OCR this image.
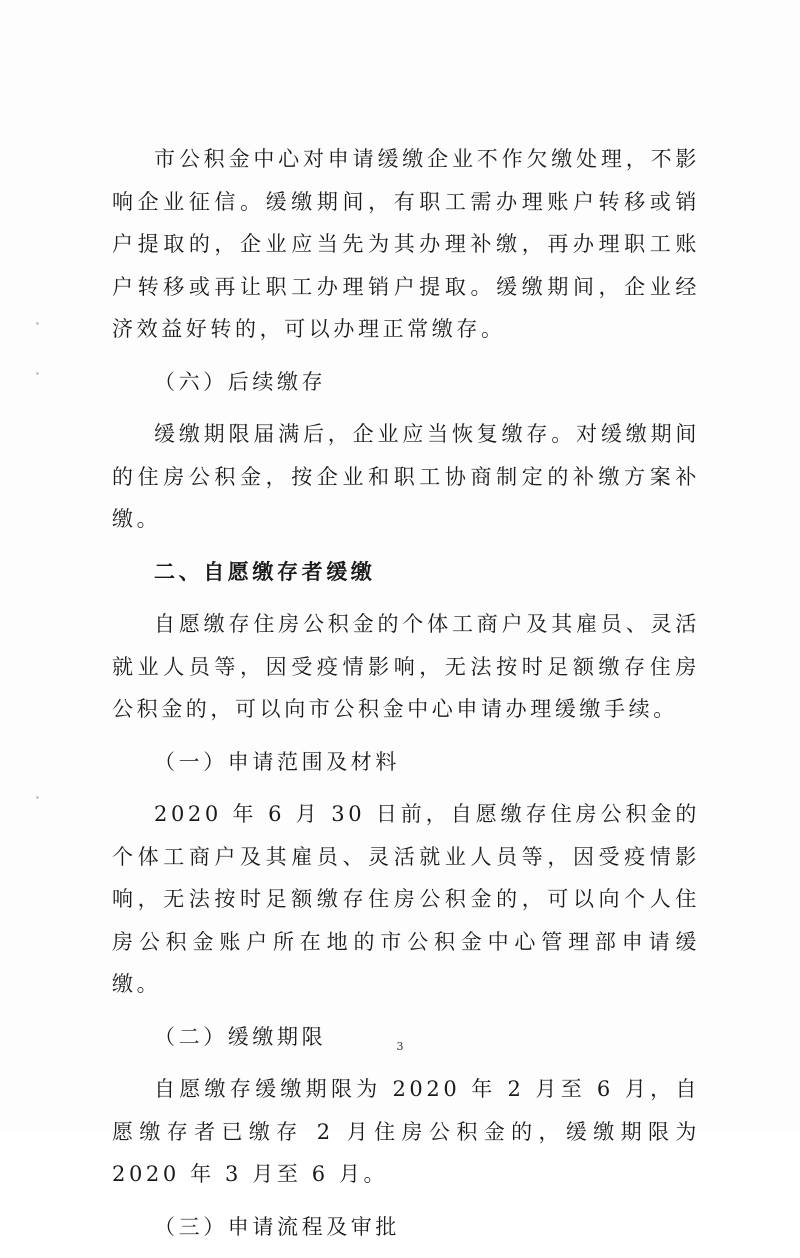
市公积金中心对申请缓缴企业不作欠缴处理，不影响企业征信。缓缴期间，有职工需办理账户转移或销户提取的，企业应当先为其办理补缴，再办理职工账户转移或再让职工办理销户提取。缓缴期间，企业经济效益好转的，可以办理正常缴存。

（六）后续缴存

缓缴期限届满后，企业应当恢复缴存。对缓缴期间的住房公积金，按企业和职工协商制定的补缴方案补缴。

二、自愿缴存者缓缴

自愿缴存住房公积金的个体工商户及其雇员、灵活就业人员等，因受疫情影响，无法按时足额缴存住房公积金的，可以向市公积金中心申请办理缓缴手续。

（一）申请范围及材料

2020 年 6 月 30 日前，自愿缴存住房公积金的个体工商户及其雇员、灵活就业人员等，因受疫情影响，无法按时足额缴存住房公积金的，可以向个人住房公积金账户所在地的市公积金中心管理部申请缓缴。

（二）缓缴期限

自愿缴存缓缴期限为 2020 年 2 月至 6 月，自愿缴存者已缴存 2 月住房公积金的，缓缴期限为 2020 年 3 月至 6 月。

（三）申请流程及审批

3
